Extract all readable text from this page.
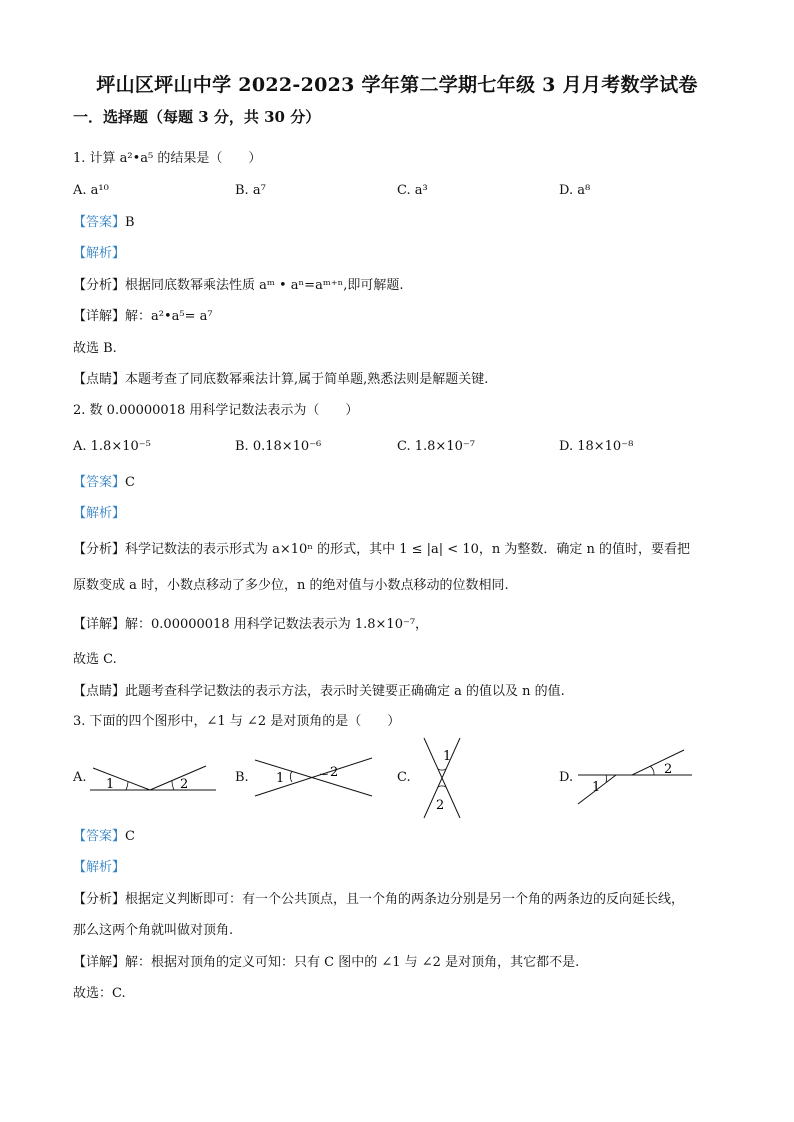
坪山区坪山中学 2022-2023 学年第二学期七年级 3 月月考数学试卷
一．选择题（每题 3 分，共 30 分）
1. 计算 a²•a⁵ 的结果是（　　）
A. a¹⁰	B. a⁷	C. a³	D. a⁸
【答案】B
【解析】
【分析】根据同底数幂乘法性质 aᵐ • aⁿ=aᵐ⁺ⁿ,即可解题.
【详解】解：a²•a⁵= a⁷
故选 B.
【点睛】本题考查了同底数幂乘法计算,属于简单题,熟悉法则是解题关键.
2. 数 0.00000018 用科学记数法表示为（　　）
A. 1.8×10⁻⁵	B. 0.18×10⁻⁶	C. 1.8×10⁻⁷	D. 18×10⁻⁸
【答案】C
【解析】
【分析】科学记数法的表示形式为 a×10ⁿ 的形式，其中 1 ≤ |a| < 10，n 为整数．确定 n 的值时，要看把
原数变成 a 时，小数点移动了多少位，n 的绝对值与小数点移动的位数相同.
【详解】解：0.00000018 用科学记数法表示为 1.8×10⁻⁷，
故选 C.
【点睛】此题考查科学记数法的表示方法，表示时关键要正确确定 a 的值以及 n 的值.
3. 下面的四个图形中，∠1 与 ∠2 是对顶角的是（　　）
A. 1	2	B. 1	2	C.
1
2
D.
1
2
【答案】C
【解析】
【分析】根据定义判断即可：有一个公共顶点，且一个角的两条边分别是另一个角的两条边的反向延长线，
那么这两个角就叫做对顶角.
【详解】解：根据对顶角的定义可知：只有 C 图中的 ∠1 与 ∠2 是对顶角，其它都不是.
故选：C.
